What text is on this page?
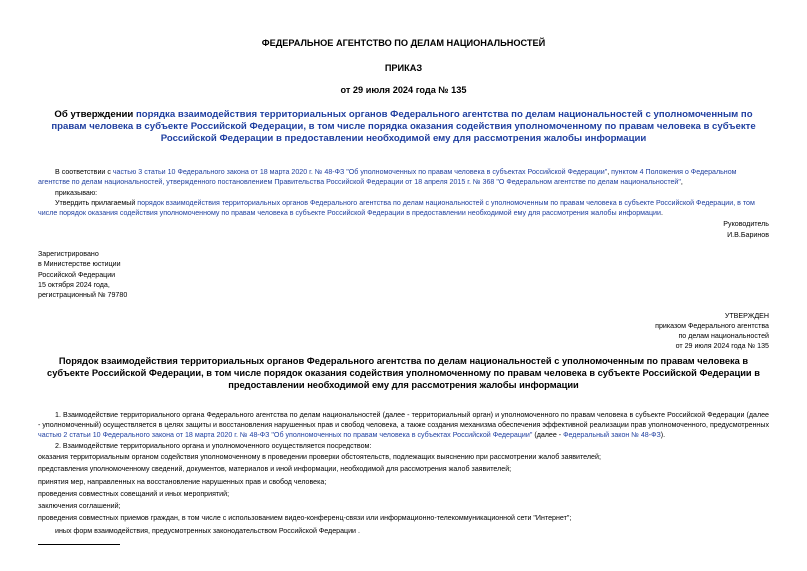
ФЕДЕРАЛЬНОЕ АГЕНТСТВО ПО ДЕЛАМ НАЦИОНАЛЬНОСТЕЙ

ПРИКАЗ

от 29 июля 2024 года № 135

Об утверждении порядка взаимодействия территориальных органов Федерального агентства по делам национальностей с уполномоченным по правам человека в субъекте Российской Федерации, в том числе порядка оказания содействия уполномоченному по правам человека в субъекте Российской Федерации в предоставлении необходимой ему для рассмотрения жалобы информации

В соответствии с частью 3 статьи 10 Федерального закона от 18 марта 2020 г. № 48-ФЗ "Об уполномоченных по правам человека в субъектах Российской Федерации", пунктом 4 Положения о Федеральном агентстве по делам национальностей, утвержденного постановлением Правительства Российской Федерации от 18 апреля 2015 г. № 368 "О Федеральном агентстве по делам национальностей",

приказываю:

Утвердить прилагаемый порядок взаимодействия территориальных органов Федерального агентства по делам национальностей с уполномоченным по правам человека в субъекте Российской Федерации, в том числе порядок оказания содействия уполномоченному по правам человека в субъекте Российской Федерации в предоставлении необходимой ему для рассмотрения жалобы информации.

Руководитель

И.В.Баринов

Зарегистрировано

в Министерстве юстиции

Российской Федерации

15 октября 2024 года,

регистрационный № 79780

УТВЕРЖДЕН

приказом Федерального агентства

по делам национальностей

от 29 июля 2024 года № 135

Порядок взаимодействия территориальных органов Федерального агентства по делам национальностей с уполномоченным по правам человека в субъекте Российской Федерации, в том числе порядок оказания содействия уполномоченному по правам человека в субъекте Российской Федерации в предоставлении необходимой ему для рассмотрения жалобы информации

1. Взаимодействие территориального органа Федерального агентства по делам национальностей (далее - территориальный орган) и уполномоченного по правам человека в субъекте Российской Федерации (далее - уполномоченный) осуществляется в целях защиты и восстановления нарушенных прав и свобод человека, а также создания механизма обеспечения эффективной реализации прав уполномоченного, предусмотренных частью 2 статьи 10 Федерального закона от 18 марта 2020 г. № 48-ФЗ "Об уполномоченных по правам человека в субъектах Российской Федерации" (далее - Федеральный закон № 48-ФЗ).

2. Взаимодействие территориального органа и уполномоченного осуществляется посредством:

оказания территориальным органом содействия уполномоченному в проведении проверки обстоятельств, подлежащих выяснению при рассмотрении жалоб заявителей;

представления уполномоченному сведений, документов, материалов и иной информации, необходимой для рассмотрения жалоб заявителей;

принятия мер, направленных на восстановление нарушенных прав и свобод человека;

проведения совместных совещаний и иных мероприятий;

заключения соглашений;

проведения совместных приемов граждан, в том числе с использованием видео-конференц-связи или информационно-телекоммуникационной сети "Интернет";

иных форм взаимодействия, предусмотренных законодательством Российской Федерации .
